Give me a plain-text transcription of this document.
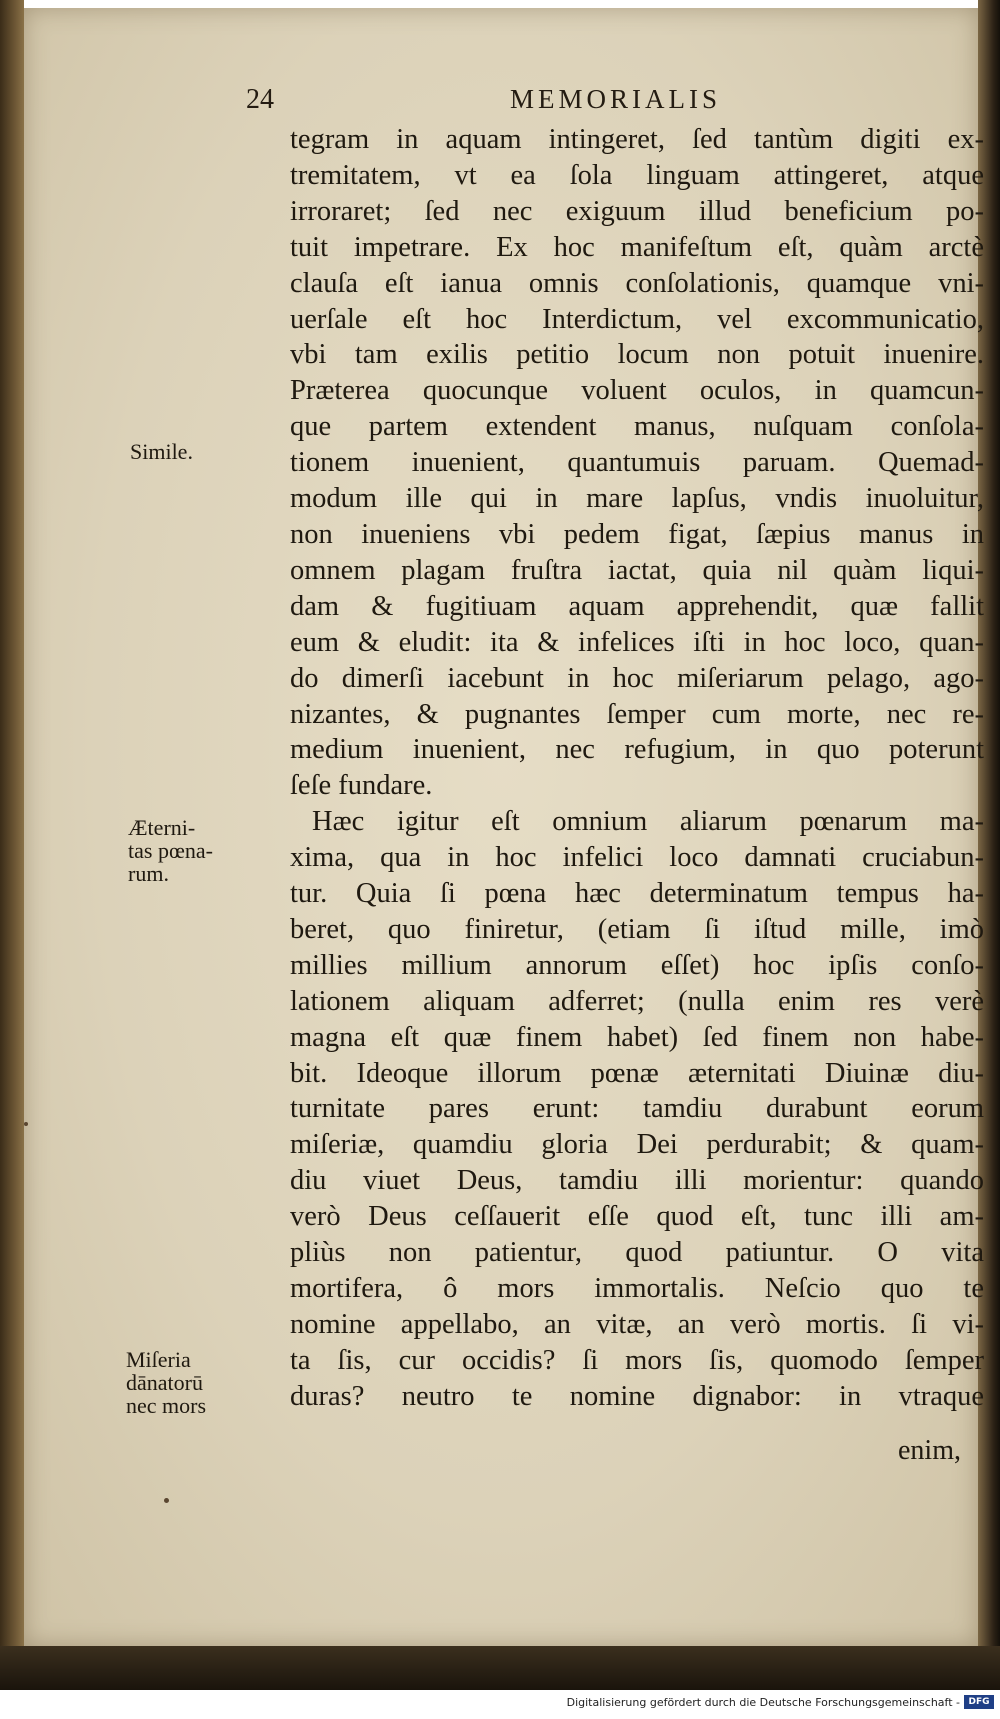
24	MEMORIALIS
tegram in aquam intingeret, ſed tantùm digiti ex-
tremitatem, vt ea ſola linguam attingeret, atque
irroraret; ſed nec exiguum illud beneficium po-
tuit impetrare. Ex hoc manifeſtum eſt, quàm arctè
clauſa eſt ianua omnis conſolationis, quamque vni-
uerſale eſt hoc Interdictum, vel excommunicatio,
vbi tam exilis petitio locum non potuit inuenire.
Præterea quocunque voluent oculos, in quamcun-
que partem extendent manus, nuſquam conſola-
tionem inuenient, quantumuis paruam. Quemad-
modum ille qui in mare lapſus, vndis inuoluitur,
non inueniens vbi pedem figat, ſæpius manus in
omnem plagam fruſtra iactat, quia nil quàm liqui-
dam & fugitiuam aquam apprehendit, quæ fallit
eum & eludit: ita & infelices iſti in hoc loco, quan-
do dimerſi iacebunt in hoc miſeriarum pelago, ago-
nizantes, & pugnantes ſemper cum morte, nec re-
medium inuenient, nec refugium, in quo poterunt
ſeſe fundare.
Hæc igitur eſt omnium aliarum pœnarum ma-
xima, qua in hoc infelici loco damnati cruciabun-
tur. Quia ſi pœna hæc determinatum tempus ha-
beret, quo finiretur, (etiam ſi iſtud mille, imò
millies millium annorum eſſet) hoc ipſis conſo-
lationem aliquam adferret; (nulla enim res verè
magna eſt quæ finem habet) ſed finem non habe-
bit. Ideoque illorum pœnæ æternitati Diuinæ diu-
turnitate pares erunt: tamdiu durabunt eorum
miſeriæ, quamdiu gloria Dei perdurabit; & quam-
diu viuet Deus, tamdiu illi morientur: quando
verò Deus ceſſauerit eſſe quod eſt, tunc illi am-
pliùs non patientur, quod patiuntur. O vita
mortifera, ô mors immortalis. Neſcio quo te
nomine appellabo, an vitæ, an verò mortis. ſi vi-
ta ſis, cur occidis? ſi mors ſis, quomodo ſemper
duras? neutro te nomine dignabor: in vtraque
Simile.
Æterni-
tas pœna-
rum.
Miſeria
dānatorū
nec mors
enim,
Digitalisierung gefördert durch die Deutsche Forschungsgemeinschaft - DFG
